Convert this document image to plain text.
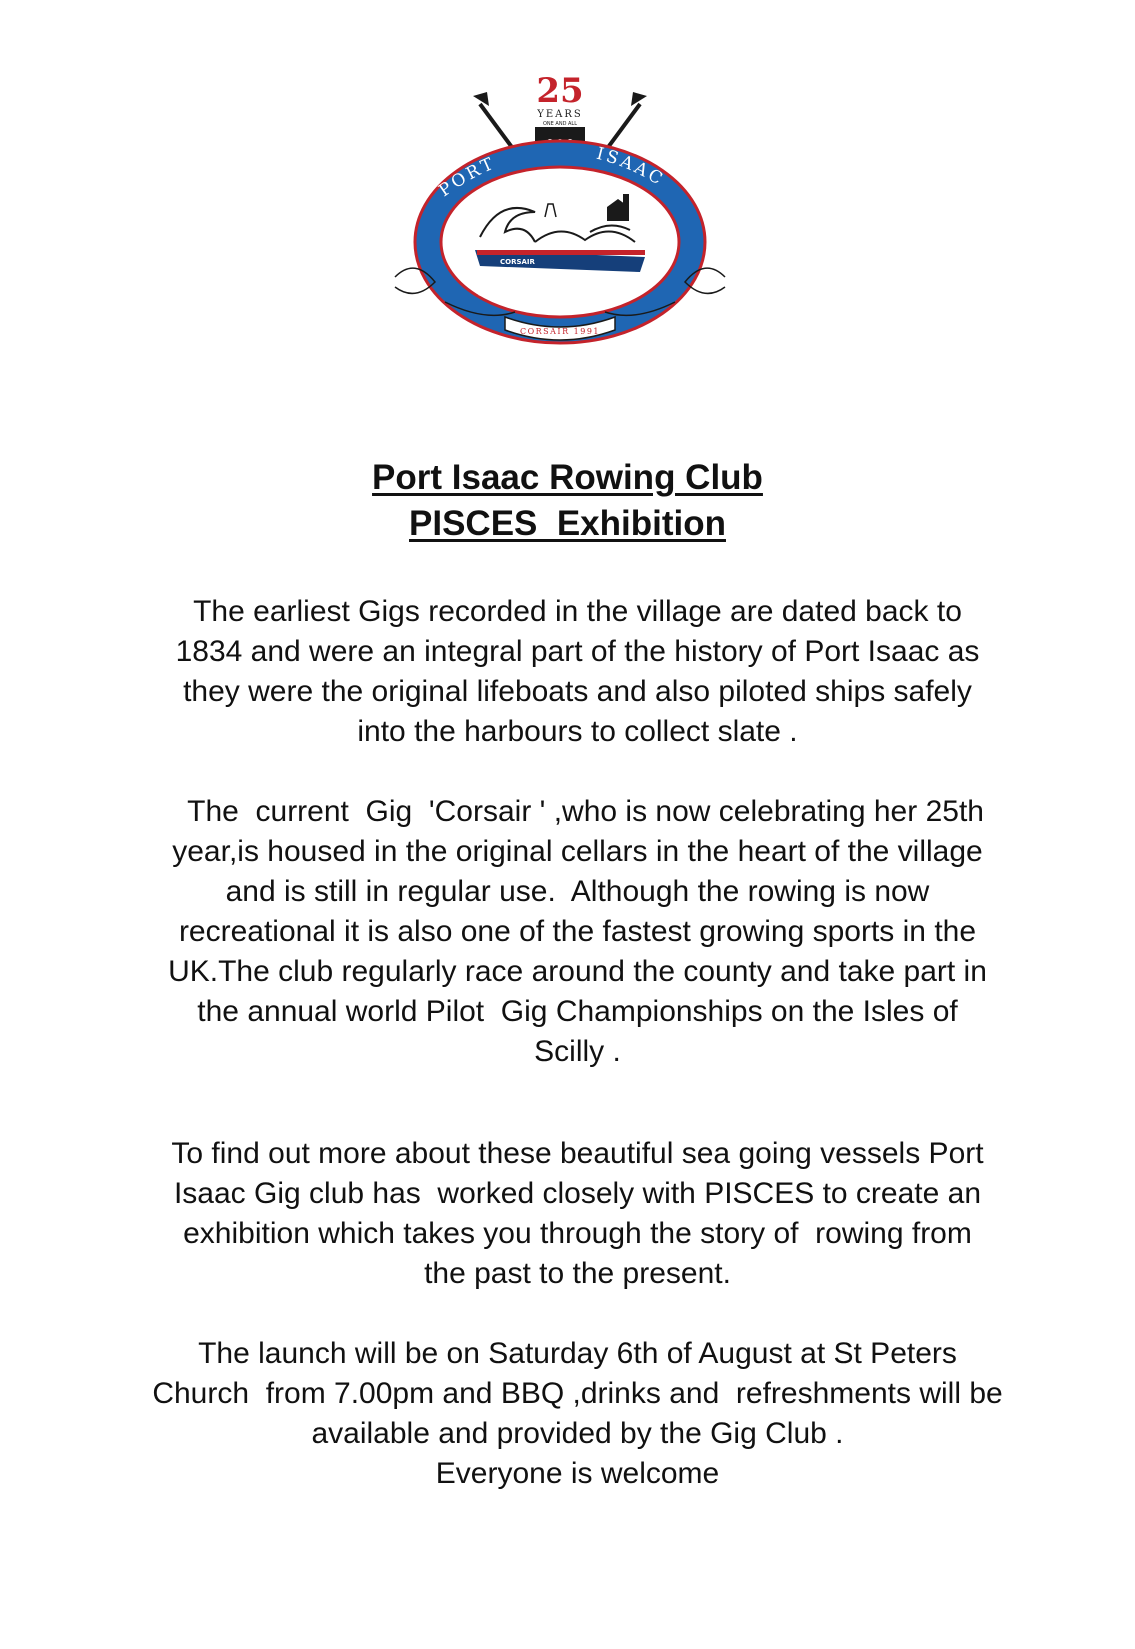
25
YEARS
ONE AND ALL
PORT	ISAAC
ROWING CLUB
CORSAIR
CORSAIR 1991
Port Isaac Rowing Club
PISCES  Exhibition
The earliest Gigs recorded in the village are dated back to
1834 and were an integral part of the history of Port Isaac as
they were the original lifeboats and also piloted ships safely
into the harbours to collect slate .
The  current  Gig  'Corsair ' ,who is now celebrating her 25th
year,is housed in the original cellars in the heart of the village
and is still in regular use.  Although the rowing is now
recreational it is also one of the fastest growing sports in the
UK.The club regularly race around the county and take part in
the annual world Pilot  Gig Championships on the Isles of
Scilly .
To find out more about these beautiful sea going vessels Port
Isaac Gig club has  worked closely with PISCES to create an
exhibition which takes you through the story of  rowing from
the past to the present.
The launch will be on Saturday 6th of August at St Peters
Church  from 7.00pm and BBQ ,drinks and  refreshments will be
available and provided by the Gig Club .
Everyone is welcome
